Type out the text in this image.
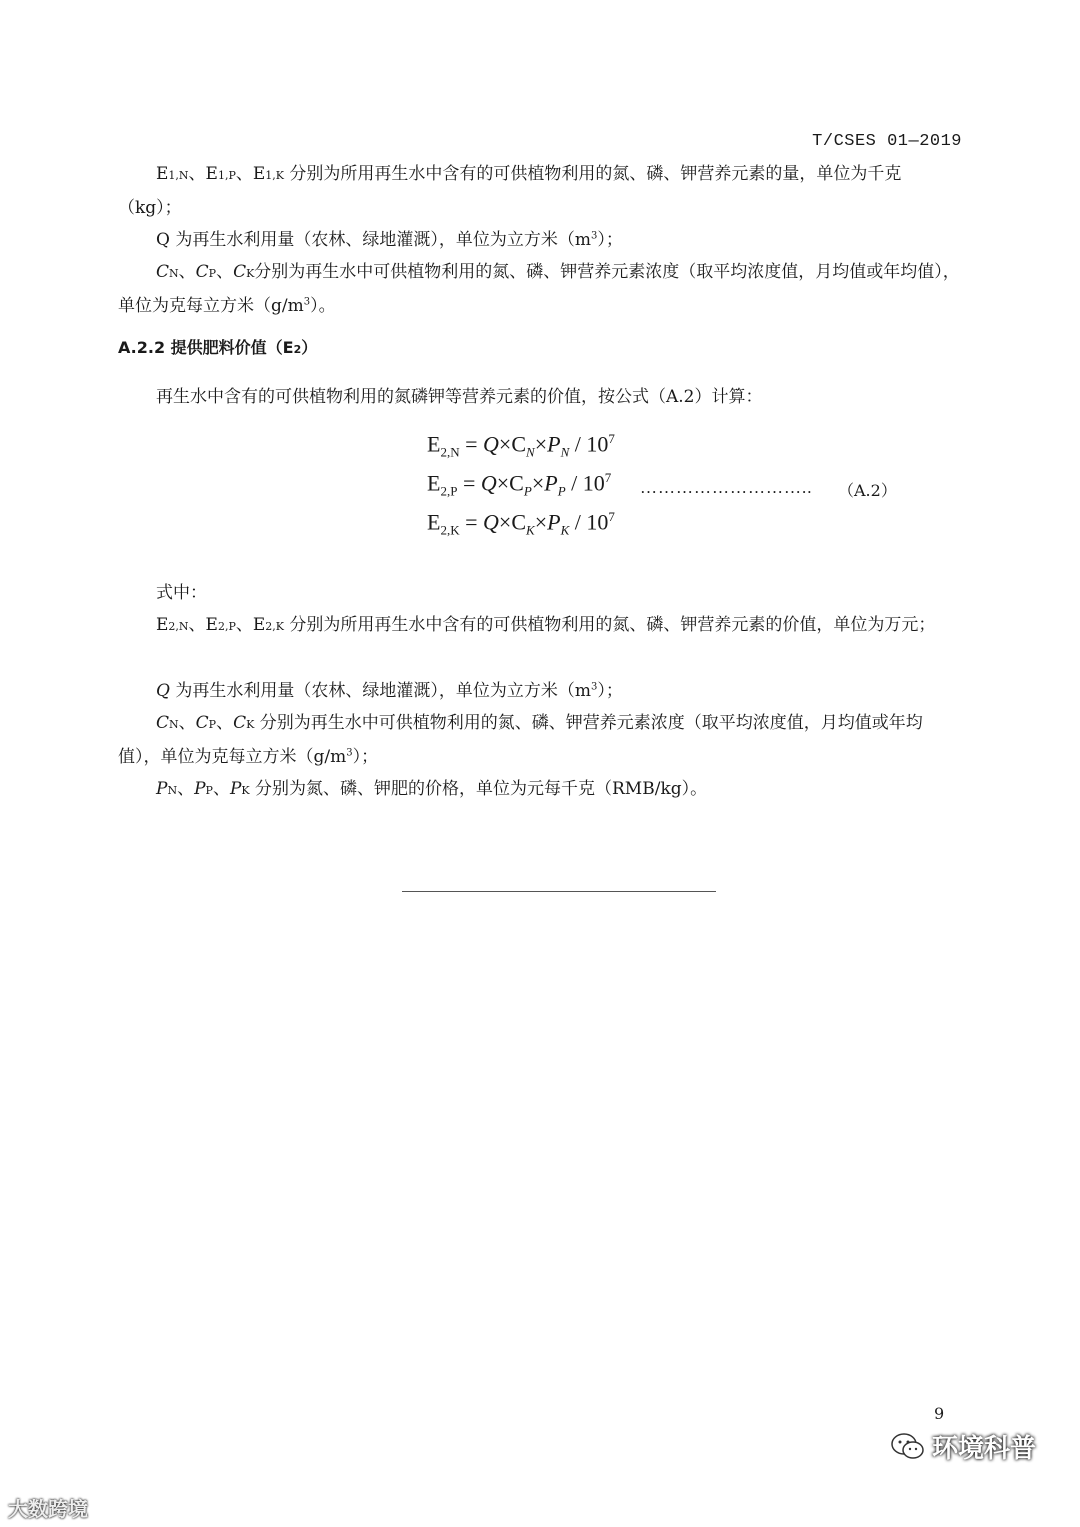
T/CSES 01—2019
E1,N、E1,P、E1,K 分别为所用再生水中含有的可供植物利用的氮、磷、钾营养元素的量，单位为千克（kg）；
Q 为再生水利用量（农林、绿地灌溉），单位为立方米$(m^3)$；
CN、CP、CK分别为再生水中可供植物利用的氮、磷、钾营养元素浓度（取平均浓度值，月均值或年均值），单位为克每立方米$(g/m^3)$。
A.2.2 提供肥料价值（E2）
再生水中含有的可供植物利用的氮磷钾等营养元素的价值，按公式（A.2）计算：
$E_{2,N} = Q\times C_N\times P_N / 10^7$
$E_{2,P} = Q\times C_P\times P_P / 10^7$
$E_{2,K} = Q\times C_K\times P_K / 10^7$
……………………….. （A.2）
式中：
E2,N、E2,P、E2,K 分别为所用再生水中含有的可供植物利用的氮、磷、钾营养元素的价值，单位为万元；
Q 为再生水利用量（农林、绿地灌溉），单位为立方米$(m^3)$；
CN、CP、CK 分别为再生水中可供植物利用的氮、磷、钾营养元素浓度（取平均浓度值，月均值或年均值），单位为克每立方米$(g/m^3)$；
PN、PP、PK 分别为氮、磷、钾肥的价格，单位为元每千克（RMB/kg）。
9
大数跨境
环境科普
